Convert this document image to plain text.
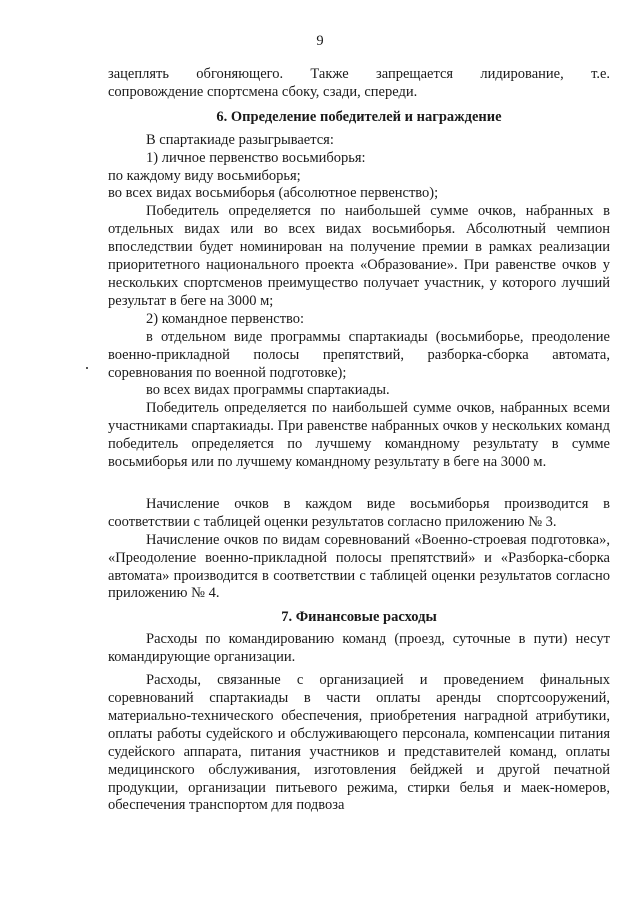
9

зацеплять обгоняющего. Также запрещается лидирование, т.е.

сопровождение спортсмена сбоку, сзади, спереди.

6. Определение победителей и награждение

В спартакиаде разыгрывается:

1) личное первенство восьмиборья:

по каждому виду восьмиборья;

во всех видах восьмиборья (абсолютное первенство);

Победитель определяется по наибольшей сумме очков, набранных в отдельных видах или во всех видах восьмиборья. Абсолютный чемпион впоследствии будет номинирован на получение премии в рамках реализации приоритетного национального проекта «Образование». При равенстве очков у нескольких спортсменов преимущество получает участник, у которого лучший результат в беге на 3000 м;

2) командное первенство:

в отдельном виде программы спартакиады (восьмиборье, преодоление военно-прикладной полосы препятствий, разборка-сборка автомата, соревнования по военной подготовке);

во всех видах программы спартакиады.

Победитель определяется по наибольшей сумме очков, набранных всеми участниками спартакиады. При равенстве набранных очков у нескольких команд победитель определяется по лучшему командному результату в сумме восьмиборья или по лучшему командному результату в беге на 3000 м.

Начисление очков в каждом виде восьмиборья производится в соответствии с таблицей оценки результатов согласно приложению № 3.

Начисление очков по видам соревнований «Военно-строевая подготовка», «Преодоление военно-прикладной полосы препятствий» и «Разборка-сборка автомата» производится в соответствии с таблицей оценки результатов согласно приложению № 4.

7. Финансовые расходы

Расходы по командированию команд (проезд, суточные в пути) несут командирующие организации.

Расходы, связанные с организацией и проведением финальных соревнований спартакиады в части оплаты аренды спортсооружений, материально-технического обеспечения, приобретения наградной атрибутики, оплаты работы судейского и обслуживающего персонала, компенсации питания судейского аппарата, питания участников и представителей команд, оплаты медицинского обслуживания, изготовления бейджей и другой печатной продукции, организации питьевого режима, стирки белья и маек-номеров, обеспечения транспортом для подвоза
